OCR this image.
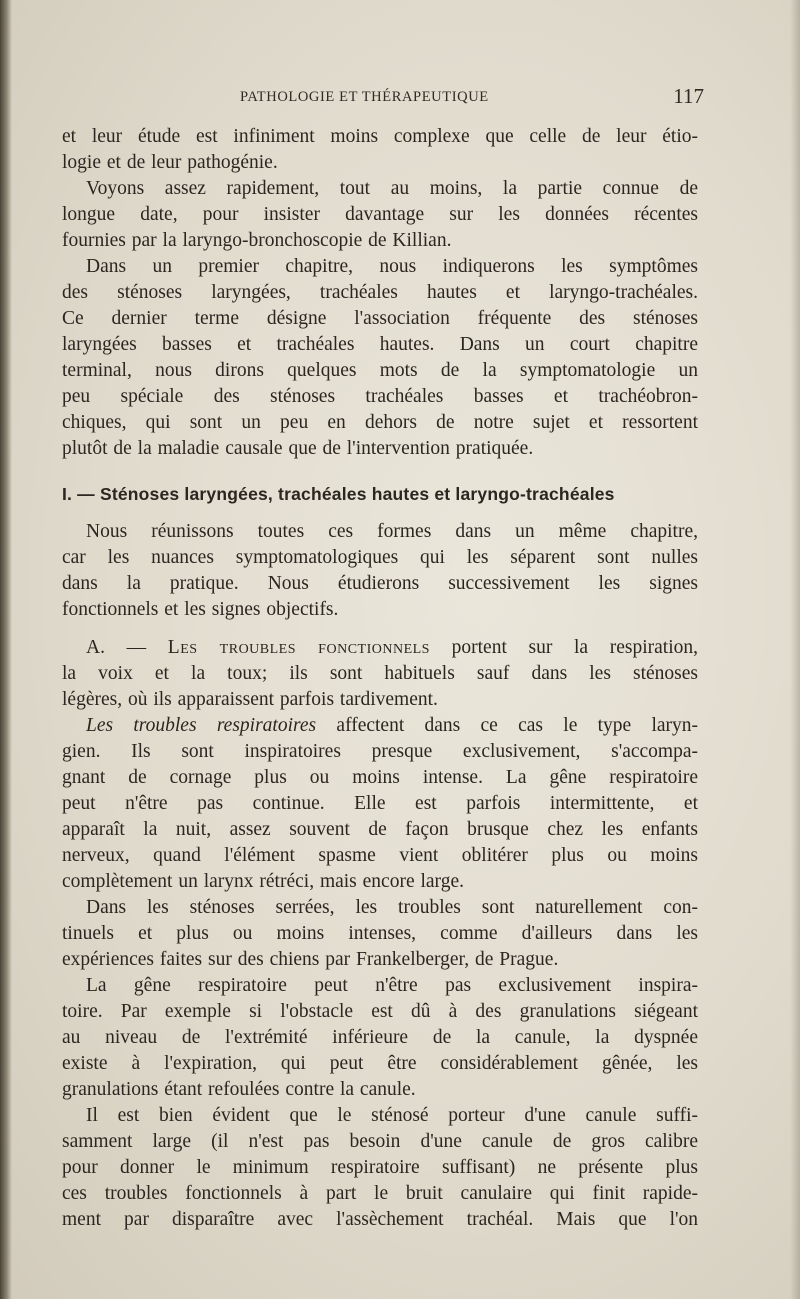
PATHOLOGIE ET THÉRAPEUTIQUE	117
et leur étude est infiniment moins complexe que celle de leur étio-
logie et de leur pathogénie.
Voyons assez rapidement, tout au moins, la partie connue de
longue date, pour insister davantage sur les données récentes
fournies par la laryngo-bronchoscopie de Killian.
Dans un premier chapitre, nous indiquerons les symptômes
des sténoses laryngées, trachéales hautes et laryngo-trachéales.
Ce dernier terme désigne l'association fréquente des sténoses
laryngées basses et trachéales hautes. Dans un court chapitre
terminal, nous dirons quelques mots de la symptomatologie un
peu spéciale des sténoses trachéales basses et trachéobron-
chiques, qui sont un peu en dehors de notre sujet et ressortent
plutôt de la maladie causale que de l'intervention pratiquée.
I. — Sténoses laryngées, trachéales hautes et laryngo-trachéales
Nous réunissons toutes ces formes dans un même chapitre,
car les nuances symptomatologiques qui les séparent sont nulles
dans la pratique. Nous étudierons successivement les signes
fonctionnels et les signes objectifs.
A. — Les troubles fonctionnels portent sur la respiration,
la voix et la toux; ils sont habituels sauf dans les sténoses
légères, où ils apparaissent parfois tardivement.
Les troubles respiratoires affectent dans ce cas le type laryn-
gien. Ils sont inspiratoires presque exclusivement, s'accompa-
gnant de cornage plus ou moins intense. La gêne respiratoire
peut n'être pas continue. Elle est parfois intermittente, et
apparaît la nuit, assez souvent de façon brusque chez les enfants
nerveux, quand l'élément spasme vient oblitérer plus ou moins
complètement un larynx rétréci, mais encore large.
Dans les sténoses serrées, les troubles sont naturellement con-
tinuels et plus ou moins intenses, comme d'ailleurs dans les
expériences faites sur des chiens par Frankelberger, de Prague.
La gêne respiratoire peut n'être pas exclusivement inspira-
toire. Par exemple si l'obstacle est dû à des granulations siégeant
au niveau de l'extrémité inférieure de la canule, la dyspnée
existe à l'expiration, qui peut être considérablement gênée, les
granulations étant refoulées contre la canule.
Il est bien évident que le sténosé porteur d'une canule suffi-
samment large (il n'est pas besoin d'une canule de gros calibre
pour donner le minimum respiratoire suffisant) ne présente plus
ces troubles fonctionnels à part le bruit canulaire qui finit rapide-
ment par disparaître avec l'assèchement trachéal. Mais que l'on
